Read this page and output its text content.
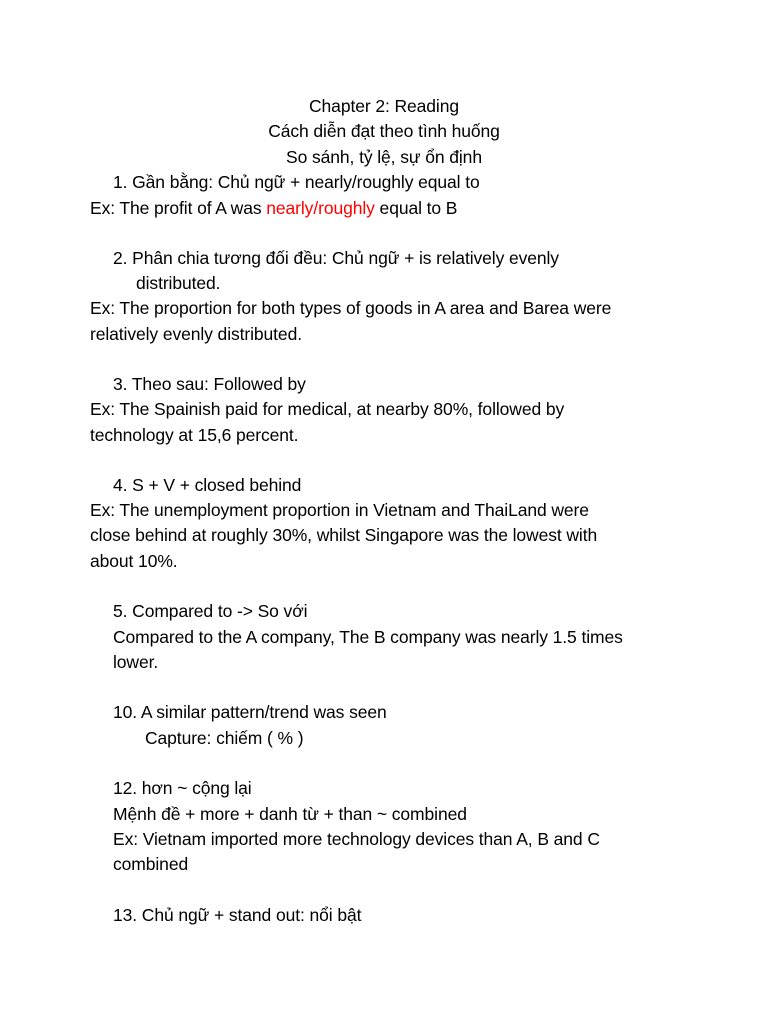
Chapter 2: Reading
Cách diễn đạt theo tình huống
So sánh, tỷ lệ, sự ổn định
1. Gần bằng: Chủ ngữ + nearly/roughly equal to
Ex: The profit of A was nearly/roughly equal to B
2. Phân chia tương đối đều: Chủ ngữ + is relatively evenly
distributed.
Ex: The proportion for both types of goods in A area and Barea were
relatively evenly distributed.
3. Theo sau: Followed by
Ex: The Spainish paid for medical, at nearby 80%, followed by
technology at 15,6 percent.
4. S + V + closed behind
Ex: The unemployment proportion in Vietnam and ThaiLand were
close behind at roughly 30%, whilst Singapore was the lowest with
about 10%.
5. Compared to -> So với
Compared to the A company, The B company was nearly 1.5 times
lower.
10. A similar pattern/trend was seen
Capture: chiếm ( % )
12. hơn ~ cộng lại
Mệnh đề + more + danh từ + than ~ combined
Ex: Vietnam imported more technology devices than A, B and C
combined
13. Chủ ngữ + stand out: nổi bật
